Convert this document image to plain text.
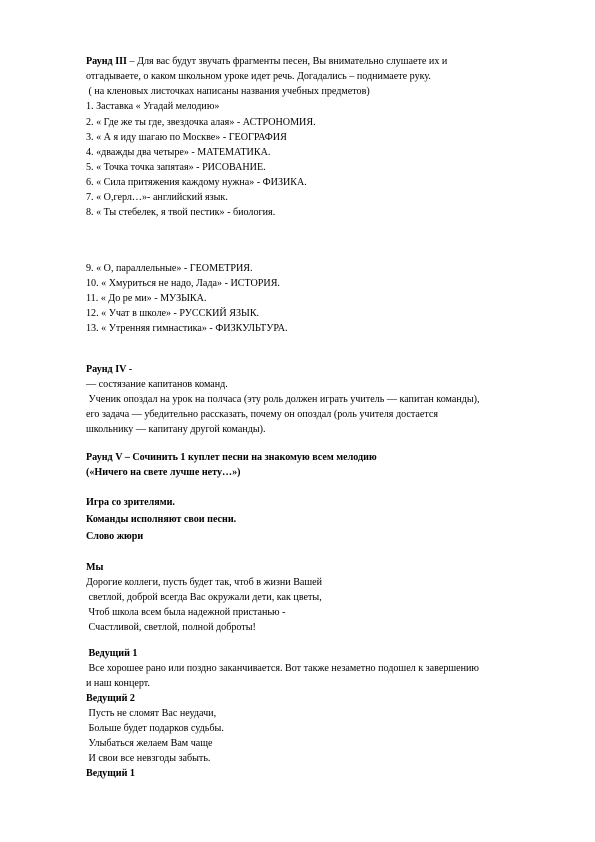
Раунд III – Для вас будут звучать фрагменты песен, Вы внимательно слушаете их и

отгадываете, о каком школьном уроке идет речь. Догадались – поднимаете руку.

( на кленовых листочках написаны названия учебных предметов)

1. Заставка « Угадай мелодию»

2. « Где же ты где, звездочка алая» - АСТРОНОМИЯ.

3. « А я иду шагаю по Москве» - ГЕОГРАФИЯ

4. «дважды два четыре» - МАТЕМАТИКА.

5. « Точка точка запятая» - РИСОВАНИЕ.

6. « Сила притяжения каждому нужна» - ФИЗИКА.

7. « О,герл…»- английский язык.

8. « Ты стебелек, я твой пестик» - биология.

9. « О, параллельные» - ГЕОМЕТРИЯ.

10. « Хмуриться не надо, Лада» - ИСТОРИЯ.

11. « До ре ми» - МУЗЫКА.

12. « Учат в школе» - РУССКИЙ ЯЗЫК.

13. « Утренняя гимнастика» - ФИЗКУЛЬТУРА.

Раунд IV -

— состязание капитанов команд.

Ученик опоздал на урок на полчаса (эту роль должен играть учитель — капитан команды),

его задача — убедительно рассказать, почему он опоздал (роль учителя достается

школьнику — капитану другой команды).

Раунд V – Сочинить 1 куплет песни на знакомую всем мелодию

(«Ничего на свете лучше нету…»)

Игра со зрителями.

Команды исполняют свои песни.

Слово жюри

Мы

Дорогие коллеги, пусть будет так, чтоб в жизни Вашей

светлой, доброй всегда Вас окружали дети, как цветы,

Чтоб школа всем была надежной пристанью -

Счастливой, светлой, полной доброты!

Ведущий 1

Все хорошее рано или поздно заканчивается. Вот также незаметно подошел к завершению

и наш концерт.

Ведущий 2

Пусть не сломят Вас неудачи,

Больше будет подарков судьбы.

Улыбаться желаем Вам чаще

И свои все невзгоды забыть.

Ведущий 1
